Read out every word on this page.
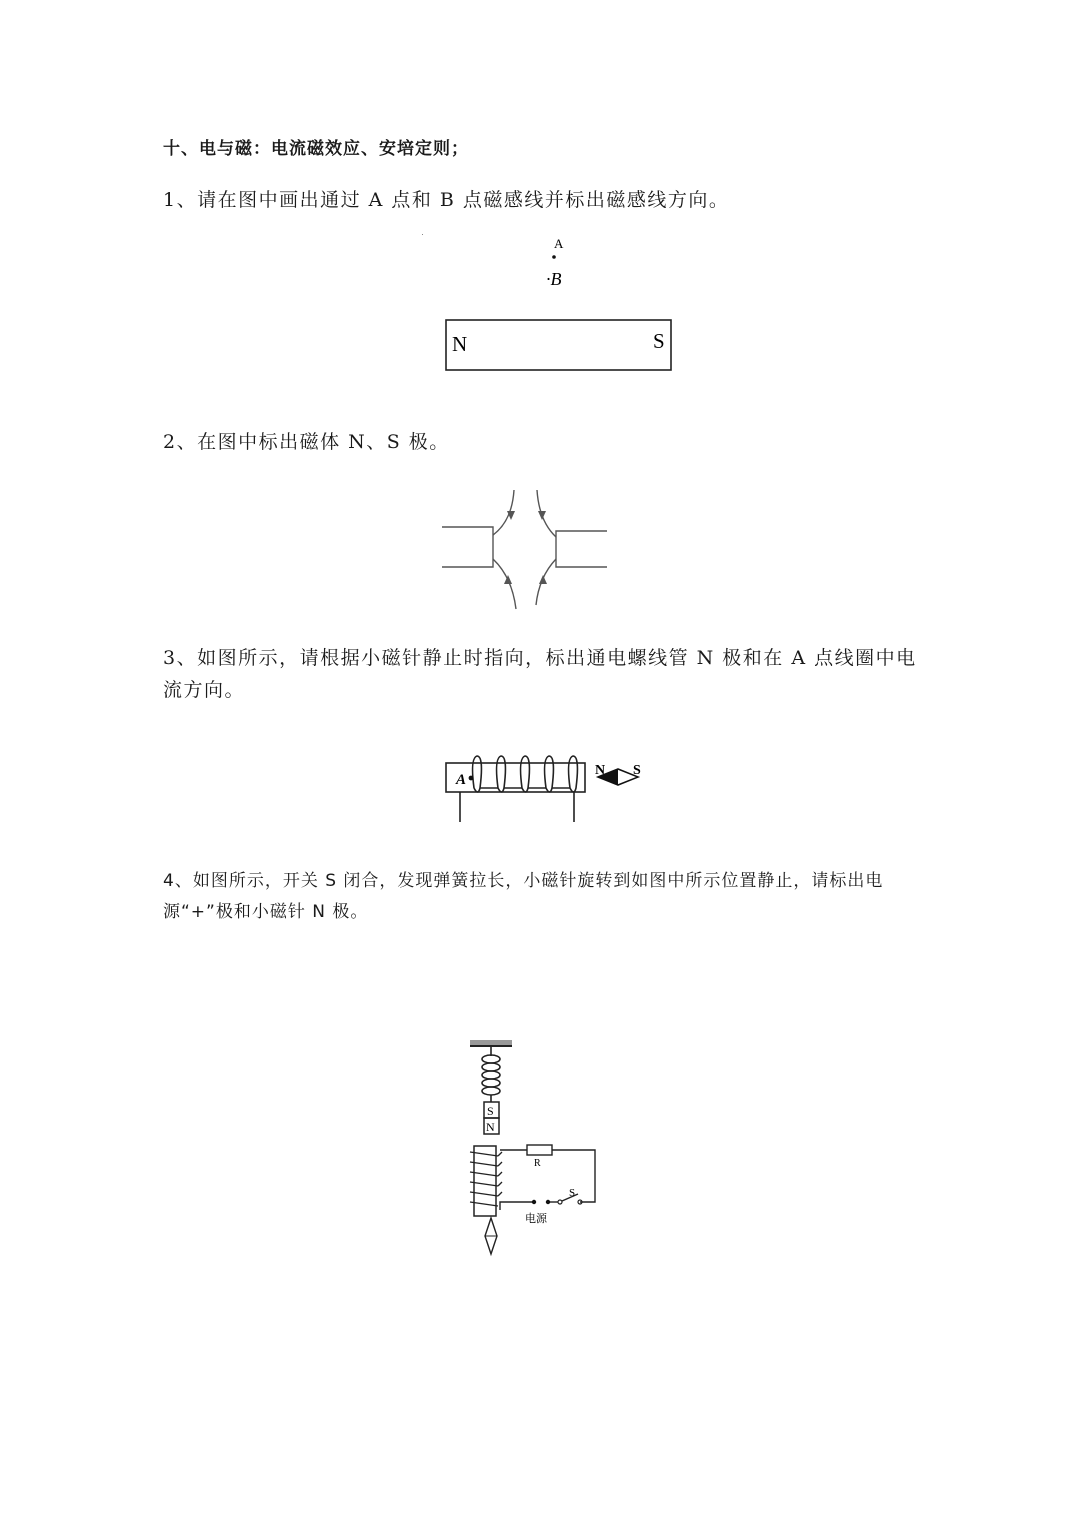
十、电与磁：电流磁效应、安培定则；
1、请在图中画出通过 A 点和 B 点磁感线并标出磁感线方向。
A
·B
N	S
2、在图中标出磁体 N、S 极。
3、如图所示，请根据小磁针静止时指向，标出通电螺线管 N 极和在 A 点线圈中电流方向。
A
N S
4、如图所示，开关 S 闭合，发现弹簧拉长，小磁针旋转到如图中所示位置静止，请标出电源“+”极和小磁针 N 极。
S
N
R
电源
S
